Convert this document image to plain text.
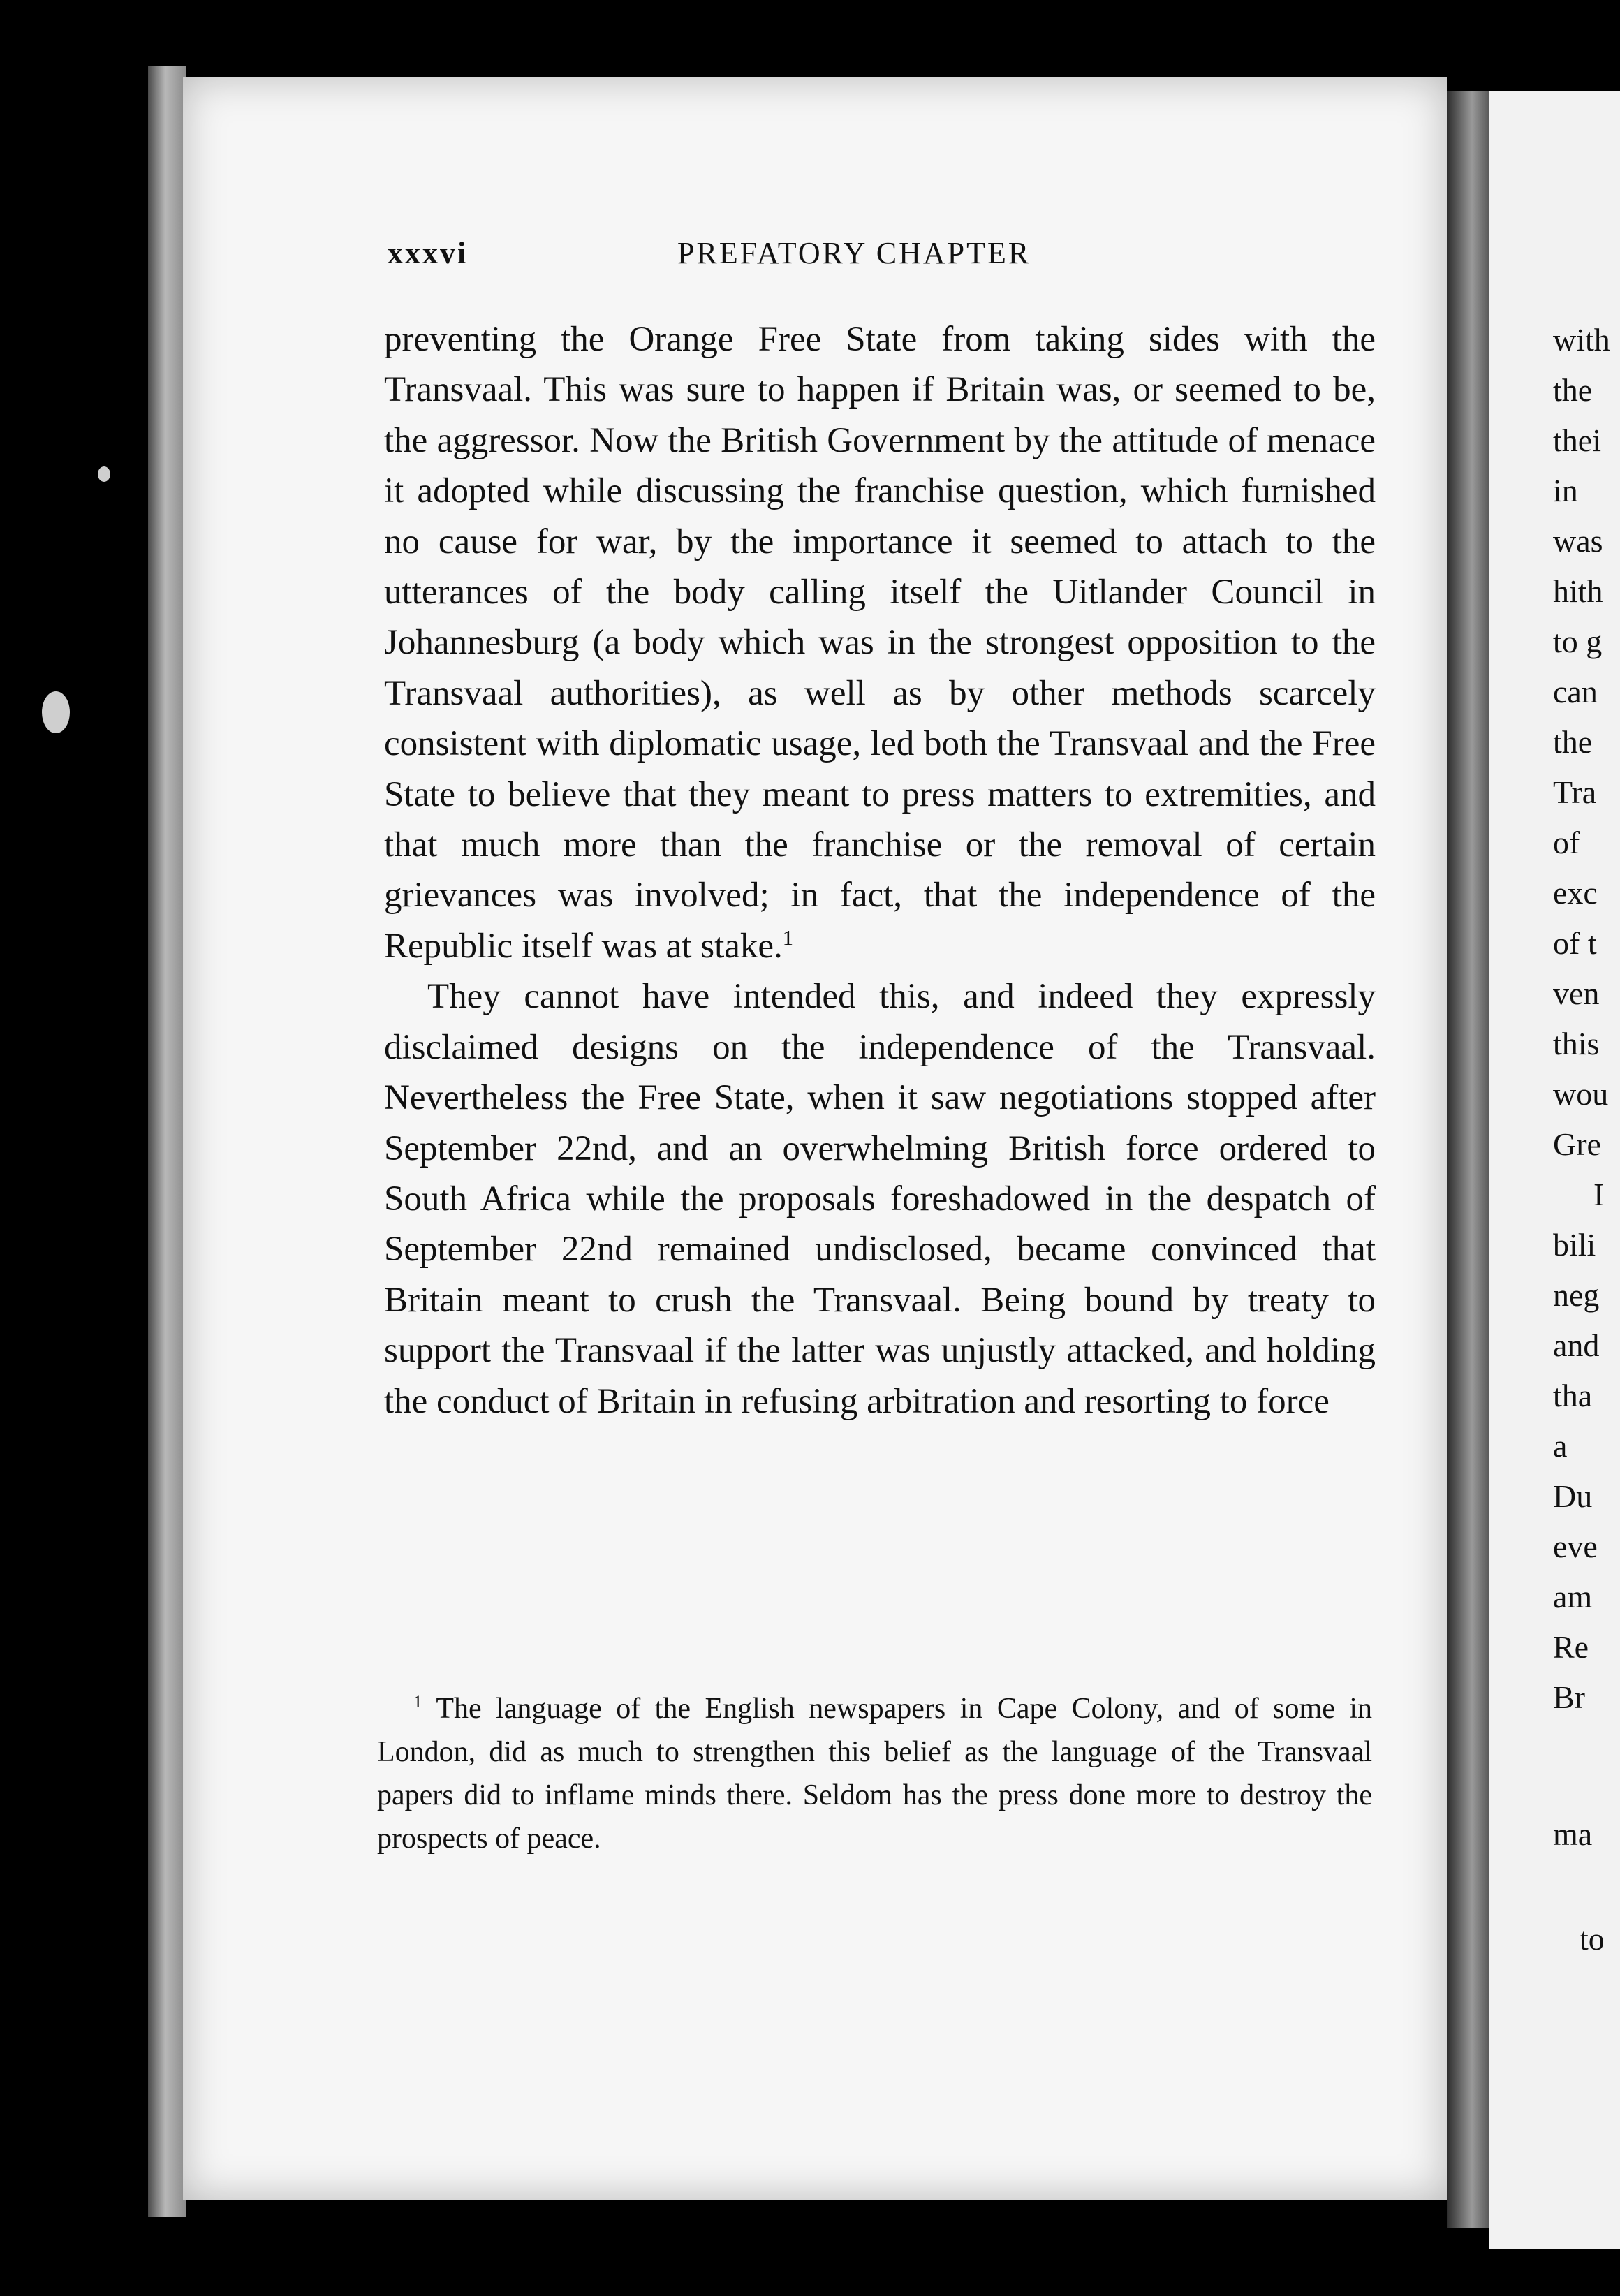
with
the
thei
in
was
hith
to g
can
the
Tra
of
exc
of t
ven
this
wou
Gre
I
bili
neg
and
tha
a
Du
eve
am
Re
Br
ma
to
xxxvi	PREFATORY CHAPTER

preventing the Orange Free State from taking sides with the Transvaal. This was sure to happen if Britain was, or seemed to be, the aggressor. Now the British Government by the attitude of menace it adopted while discussing the franchise question, which furnished no cause for war, by the importance it seemed to attach to the utterances of the body calling itself the Uitlander Council in Johannesburg (a body which was in the strongest opposition to the Transvaal authorities), as well as by other methods scarcely consistent with diplomatic usage, led both the Transvaal and the Free State to believe that they meant to press matters to extremities, and that much more than the franchise or the removal of certain grievances was involved; in fact, that the independence of the Republic itself was at stake.$^1$

They cannot have intended this, and indeed they expressly disclaimed designs on the independence of the Transvaal. Nevertheless the Free State, when it saw negotiations stopped after September 22nd, and an overwhelming British force ordered to South Africa while the proposals foreshadowed in the despatch of September 22nd remained undisclosed, became convinced that Britain meant to crush the Transvaal. Being bound by treaty to support the Transvaal if the latter was unjustly attacked, and holding the conduct of Britain in refusing arbitration and resorting to force

$^1$ The language of the English newspapers in Cape Colony, and of some in London, did as much to strengthen this belief as the language of the Transvaal papers did to inflame minds there. Seldom has the press done more to destroy the prospects of peace.
